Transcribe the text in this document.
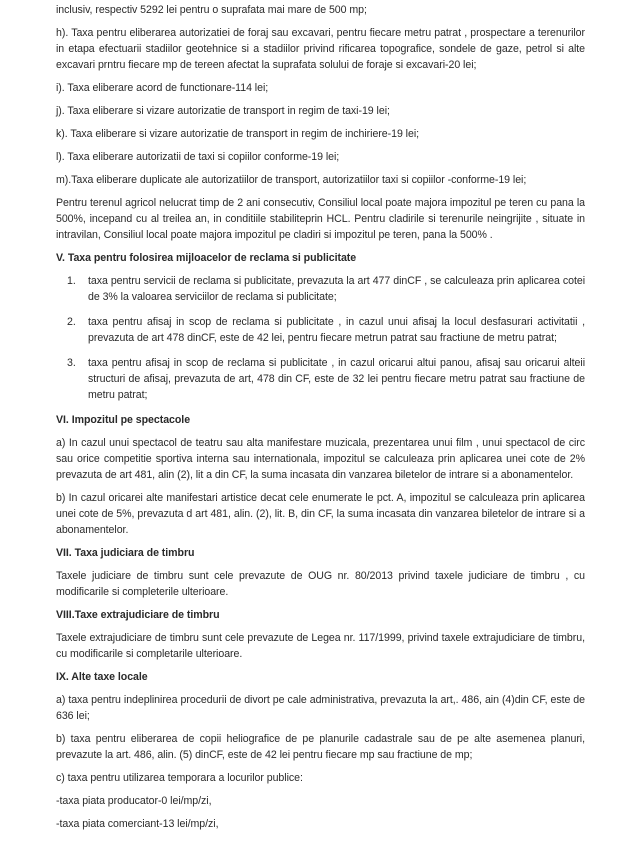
inclusiv, respectiv 5292 lei pentru o suprafata mai mare de 500 mp;

h). Taxa pentru eliberarea autorizatiei de foraj sau excavari, pentru fiecare metru patrat , prospectare a terenurilor in etapa efectuarii stadiilor geotehnice si a stadiilor privind rificarea topografice, sondele de gaze, petrol si alte excavari prntru fiecare mp de tereen afectat la suprafata solului de foraje si excavari-20 lei;

i). Taxa eliberare acord de functionare-114 lei;

j). Taxa eliberare si vizare autorizatie de transport in regim de taxi-19 lei;

k). Taxa eliberare si vizare autorizatie de transport in regim de inchiriere-19 lei;

l). Taxa eliberare autorizatii de taxi si copiilor conforme-19 lei;

m).Taxa eliberare duplicate ale autorizatiilor de transport, autorizatiilor taxi si copiilor -conforme-19 lei;

Pentru terenul agricol nelucrat timp de 2 ani consecutiv, Consiliul local poate majora impozitul pe teren cu pana la 500%, incepand cu al treilea an, in conditiile stabiliteprin HCL. Pentru cladirile si terenurile neingrijite , situate in intravilan, Consiliul local poate majora impozitul pe cladiri si impozitul pe teren, pana la 500% .

V. Taxa pentru folosirea mijloacelor de reclama si publicitate
1. taxa pentru servicii de reclama si publicitate, prevazuta la art 477 dinCF , se calculeaza prin aplicarea cotei de 3% la valoarea serviciilor de reclama si publicitate;
2. taxa pentru afisaj in scop de reclama si publicitate , in cazul unui afisaj la locul desfasurari activitatii , prevazuta de art 478 dinCF, este de 42 lei, pentru fiecare metrun patrat sau fractiune de metru patrat;
3. taxa pentru afisaj in scop de reclama si publicitate , in cazul oricarui altui panou, afisaj sau oricarui alteii structuri de afisaj, prevazuta de art, 478 din CF, este de 32 lei pentru fiecare metru patrat sau fractiune de metru patrat;
VI. Impozitul pe spectacole

a) In cazul unui spectacol de teatru sau alta manifestare muzicala, prezentarea unui film , unui spectacol de circ sau orice competitie sportiva interna sau internationala, impozitul se calculeaza prin aplicarea unei cote de 2% prevazuta de art 481, alin (2), lit a din CF, la suma incasata din vanzarea biletelor de intrare si a abonamentelor.

b) In cazul oricarei alte manifestari artistice decat cele enumerate le pct. A, impozitul se calculeaza prin aplicarea unei cote de 5%, prevazuta d art 481, alin. (2), lit. B, din CF, la suma incasata din vanzarea biletelor de intrare si a abonamentelor.

VII. Taxa judiciara de timbru

Taxele judiciare de timbru sunt cele prevazute de OUG nr. 80/2013 privind taxele judiciare de timbru , cu modificarile si completerile ulterioare.

VIII.Taxe extrajudiciare de timbru

Taxele extrajudiciare de timbru sunt cele prevazute de Legea nr. 117/1999, privind taxele extrajudiciare de timbru, cu modificarile si completarile ulterioare.

IX. Alte taxe locale

a) taxa pentru indeplinirea procedurii de divort pe cale administrativa, prevazuta la art,. 486, ain (4)din CF, este de 636 lei;

b) taxa pentru eliberarea de copii heliografice de pe planurile cadastrale sau de pe alte asemenea planuri, prevazute la art. 486, alin. (5) dinCF, este de 42 lei pentru fiecare mp sau fractiune de mp;

c) taxa pentru utilizarea temporara a locurilor publice:

-taxa piata producator-0 lei/mp/zi,

-taxa piata comerciant-13 lei/mp/zi,
